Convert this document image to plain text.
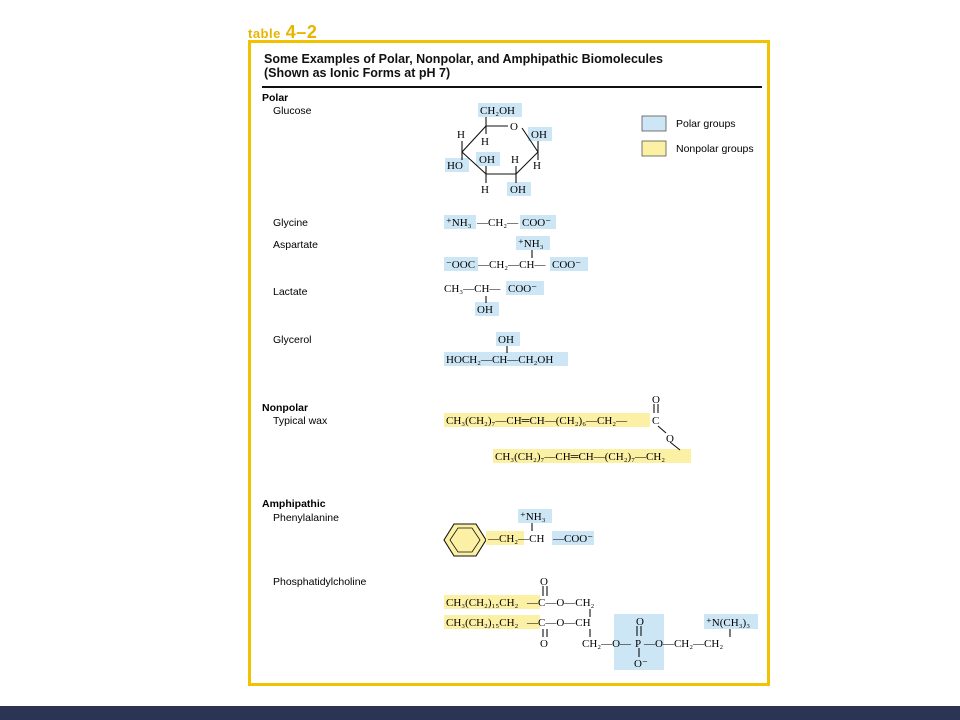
table 4–2
Some Examples of Polar, Nonpolar, and Amphipathic Biomolecules
(Shown as Ionic Forms at pH 7)
Polar groups
Nonpolar groups
Polar
Glucose	CH₂OH
O
H
H
OH
HO OH H H
H OH
Glycine	⁺NH₃ —CH₂— COO⁻
Aspartate	⁺NH₃
⁻OOC —CH₂—CH— COO⁻
Lactate	CH₃—CH— COO⁻
OH
Glycerol	OH
HOCH₂—CH—CH₂OH
Nonpolar
Typical wax	CH₃(CH₂)₇—CH═CH—(CH₂)₆—CH₂— C
O
O
CH₃(CH₂)₇—CH═CH—(CH₂)₇—CH₂
Amphipathic
Phenylalanine	⁺NH₃
—CH₂—CH —COO⁻
Phosphatidylcholine	O
CH₃(CH₂)₁₅CH₂ —C—O—CH₂
CH₃(CH₂)₁₅CH₂ —C—O—CH
O
O
CH₂—O— P —O—CH₂—CH₂
O⁻
⁺N(CH₃)₃
